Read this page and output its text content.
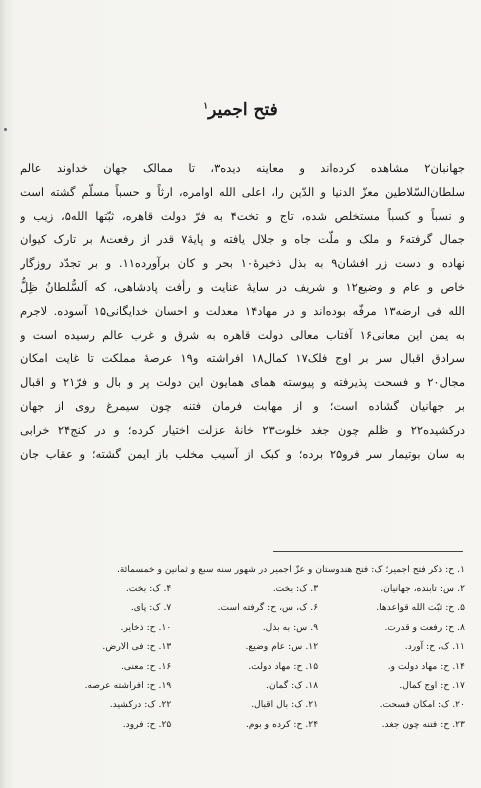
فتح اجمیر$^۱$
جهانبان۲ مشاهده کرده‌اند و معاینه دیده۳، تا ممالک جهان خداوند عالم
سلطان‌السّلاطین معزّ الدنیا و الدّین را، اعلی الله اوامره، ارثاً و حسباً مسلّم گشته است
و نسباً و کسباً مستخلص شده، تاج و تخت۴ به فرّ دولت قاهره، ثبّتها الله۵، زیب و
جمال گرفته۶ و ملک و ملّت جاه و جلال یافته و پایهٔ۷ قدر از رفعت۸ بر تارک کیوان
نهاده و دست زر افشان۹ به بذل ذخیرهٔ۱۰ بحر و کان برآورده۱۱. و بر تجدّد روزگار
خاص و عام و وضیع۱۲ و شریف در سایهٔ عنایت و رأفت پادشاهی، که اَلسُّلطانُ ظِلُّ
الله فی ارضه۱۳ مرفّه بوده‌اند و در مهاد۱۴ معدلت و احسان خدایگانی۱۵ آسوده. لاجرم
به یمن این معانی۱۶ آفتاب معالی دولت قاهره به شرق و غرب عالم رسیده است و
سرادق اقبال سر بر اوج فلک۱۷ کمال۱۸ افراشته و۱۹ عرصهٔ مملکت تا غایت امکان
مجال۲۰ و فسحت پذیرفته و پیوسته همای همایون این دولت پر و بال و فرّ۲۱ و اقبال
بر جهانیان گشاده است؛ و از مهابت فرمان فتنه چون سیمرغ روی از جهان
درکشیده۲۲ و ظلم چون جغد خلوت۲۳ خانهٔ عزلت اختیار کرده؛ و در کنج۲۴ خرابی
به سان بوتیمار سر فرو۲۵ برده؛ و کبک از آسیب مخلب باز ایمن گشته؛ و عقاب جان
۱. ح: ذکر فتح اجمیر؛ ک: فتح هندوستان و عزّ اجمیر در شهور سنه سبع و ثمانین و خمسمائة.
۲. س: تابنده، جهانیان.
۳. ک: بخت.
۴. ک: بخت.
۵. ح: ثبّت الله قواعدها.
۶. ک، س، ح: گرفته است.
۷. ک: پای.
۸. ح: رفعت و قدرت.
۹. س: به بذل.
۱۰. ح: ذخایر.
۱۱. ک، ح: آورد.
۱۲. س: عام وضیع.
۱۳. ح: فی الارض.
۱۴. ح: مهاد دولت و.
۱۵. ح: مهاد دولت.
۱۶. ح: معنی.
۱۷. ح: اوج کمال.
۱۸. ک: گمان.
۱۹. ح: افراشته عرصه.
۲۰. ک: امکان فسحت.
۲۱. ک: بال اقبال.
۲۲. ک: درکشید.
۲۳. ح: فتنه چون جغد.
۲۴. ح: کرده و بوم.
۲۵. ح: فرود.
